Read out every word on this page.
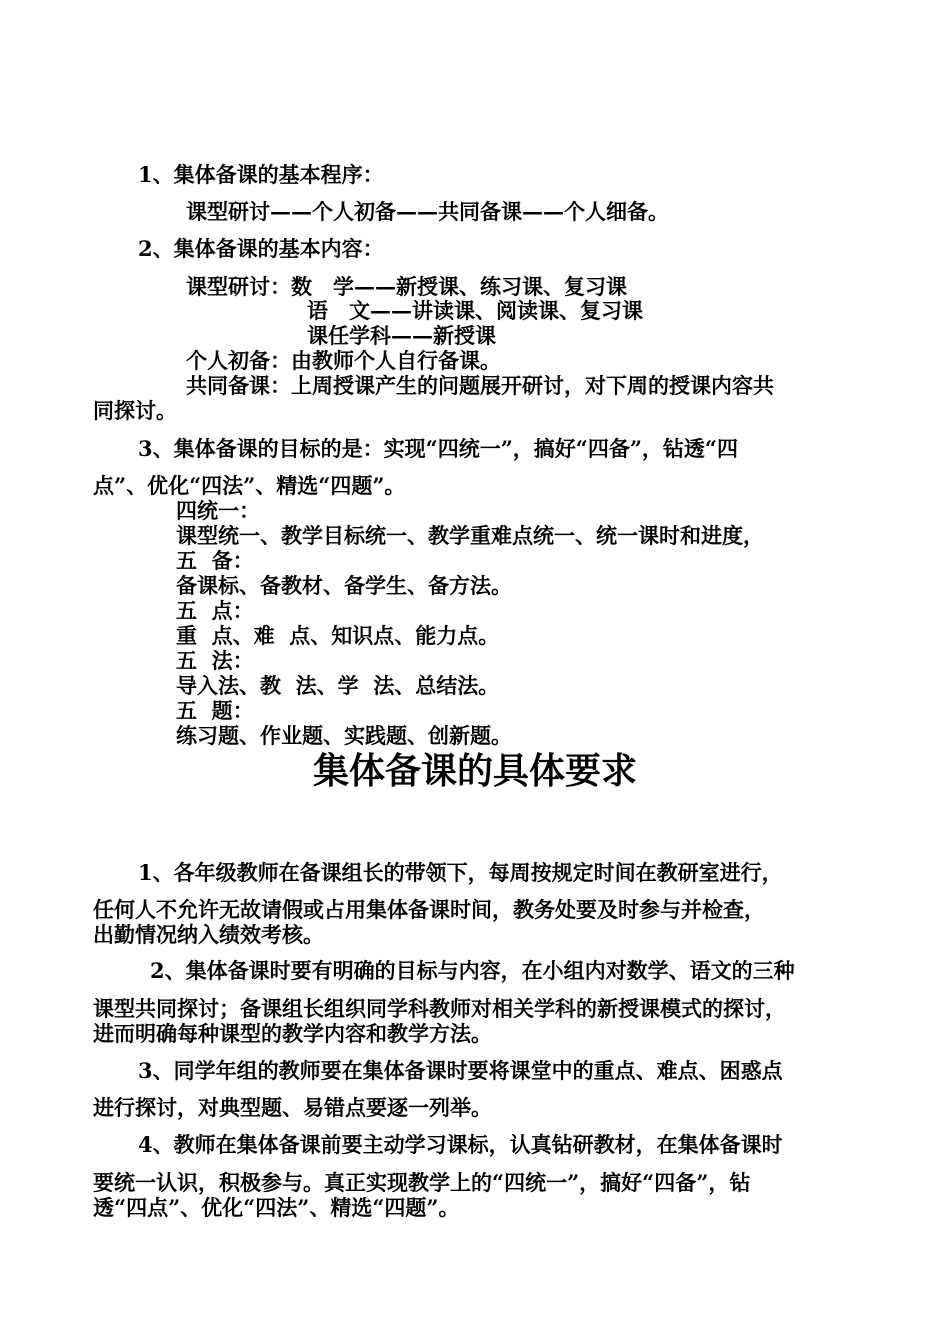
1、集体备课的基本程序：
课型研讨——个人初备——共同备课——个人细备。
2、集体备课的基本内容：
课型研讨：数　学——新授课、练习课、复习课
语　文——讲读课、阅读课、复习课
课任学科——新授课
个人初备：由教师个人自行备课。
共同备课：上周授课产生的问题展开研讨，对下周的授课内容共
同探讨。
3、集体备课的目标的是：实现“四统一”，搞好“四备”，钻透“四
点”、优化“四法”、精选“四题”。
四统一：
课型统一、教学目标统一、教学重难点统一、统一课时和进度，
五  备：
备课标、备教材、备学生、备方法。
五  点：
重  点、难  点、知识点、能力点。
五  法：
导入法、教  法、学  法、总结法。
五  题：
练习题、作业题、实践题、创新题。
集体备课的具体要求
1、各年级教师在备课组长的带领下，每周按规定时间在教研室进行，
任何人不允许无故请假或占用集体备课时间，教务处要及时参与并检查，
出勤情况纳入绩效考核。
2、集体备课时要有明确的目标与内容，在小组内对数学、语文的三种
课型共同探讨；备课组长组织同学科教师对相关学科的新授课模式的探讨，
进而明确每种课型的教学内容和教学方法。
3、同学年组的教师要在集体备课时要将课堂中的重点、难点、困惑点
进行探讨，对典型题、易错点要逐一列举。
4、教师在集体备课前要主动学习课标，认真钻研教材，在集体备课时
要统一认识，积极参与。真正实现教学上的“四统一”，搞好“四备”，钻
透“四点”、优化“四法”、精选“四题”。
